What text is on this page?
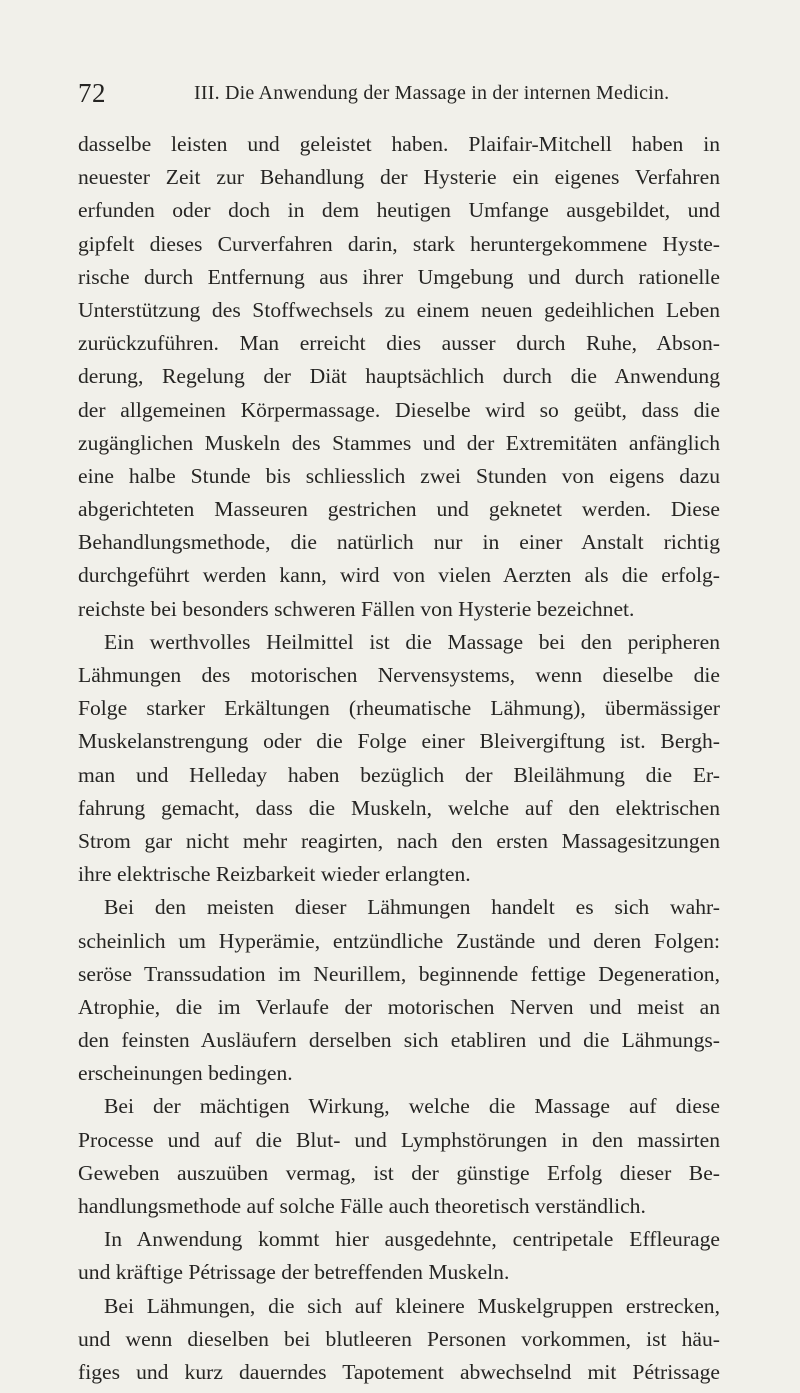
72	III. Die Anwendung der Massage in der internen Medicin.
dasselbe leisten und geleistet haben. Plaifair-Mitchell haben in
neuester Zeit zur Behandlung der Hysterie ein eigenes Verfahren
erfunden oder doch in dem heutigen Umfange ausgebildet, und
gipfelt dieses Curverfahren darin, stark heruntergekommene Hyste-
rische durch Entfernung aus ihrer Umgebung und durch rationelle
Unterstützung des Stoffwechsels zu einem neuen gedeihlichen Leben
zurückzuführen. Man erreicht dies ausser durch Ruhe, Abson-
derung, Regelung der Diät hauptsächlich durch die Anwendung
der allgemeinen Körpermassage. Dieselbe wird so geübt, dass die
zugänglichen Muskeln des Stammes und der Extremitäten anfänglich
eine halbe Stunde bis schliesslich zwei Stunden von eigens dazu
abgerichteten Masseuren gestrichen und geknetet werden. Diese
Behandlungsmethode, die natürlich nur in einer Anstalt richtig
durchgeführt werden kann, wird von vielen Aerzten als die erfolg-
reichste bei besonders schweren Fällen von Hysterie bezeichnet.
Ein werthvolles Heilmittel ist die Massage bei den peripheren
Lähmungen des motorischen Nervensystems, wenn dieselbe die
Folge starker Erkältungen (rheumatische Lähmung), übermässiger
Muskelanstrengung oder die Folge einer Bleivergiftung ist. Bergh-
man und Helleday haben bezüglich der Bleilähmung die Er-
fahrung gemacht, dass die Muskeln, welche auf den elektrischen
Strom gar nicht mehr reagirten, nach den ersten Massagesitzungen
ihre elektrische Reizbarkeit wieder erlangten.
Bei den meisten dieser Lähmungen handelt es sich wahr-
scheinlich um Hyperämie, entzündliche Zustände und deren Folgen:
seröse Transsudation im Neurillem, beginnende fettige Degeneration,
Atrophie, die im Verlaufe der motorischen Nerven und meist an
den feinsten Ausläufern derselben sich etabliren und die Lähmungs-
erscheinungen bedingen.
Bei der mächtigen Wirkung, welche die Massage auf diese
Processe und auf die Blut- und Lymphstörungen in den massirten
Geweben auszuüben vermag, ist der günstige Erfolg dieser Be-
handlungsmethode auf solche Fälle auch theoretisch verständlich.
In Anwendung kommt hier ausgedehnte, centripetale Effleurage
und kräftige Pétrissage der betreffenden Muskeln.
Bei Lähmungen, die sich auf kleinere Muskelgruppen erstrecken,
und wenn dieselben bei blutleeren Personen vorkommen, ist häu-
figes und kurz dauerndes Tapotement abwechselnd mit Pétrissage
